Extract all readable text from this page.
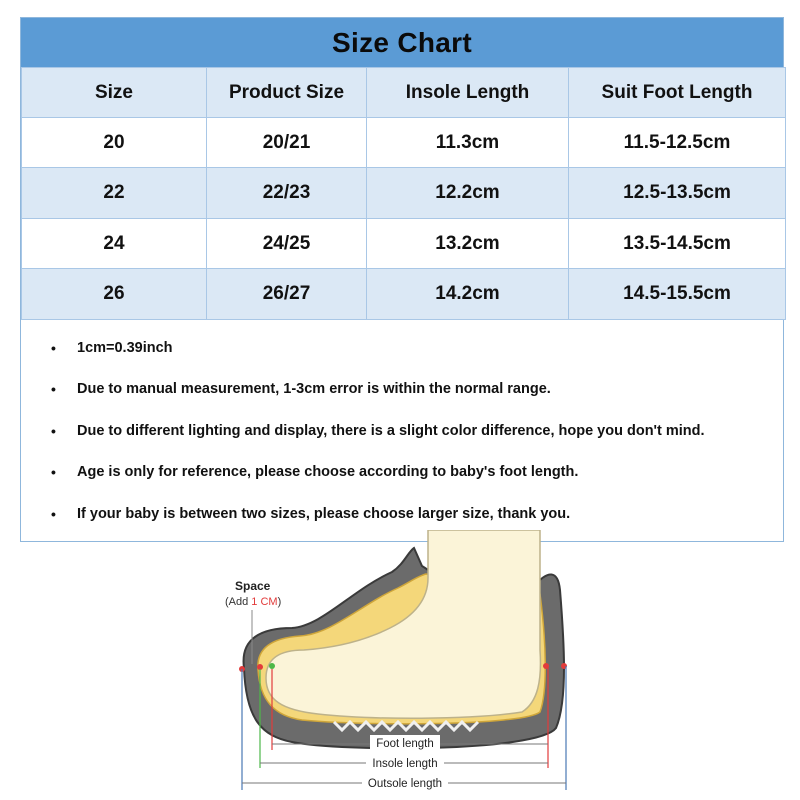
Size Chart
Size	Product Size	Insole Length	Suit Foot Length
20	20/21	11.3cm	11.5-12.5cm
22	22/23	12.2cm	12.5-13.5cm
24	24/25	13.2cm	13.5-14.5cm
26	26/27	14.2cm	14.5-15.5cm
•	1cm=0.39inch
•	Due to manual measurement, 1-3cm error is within the normal range.
•	Due to different lighting and display, there is a slight color difference, hope you don't mind.
•	Age is only for reference, please choose according to baby's foot length.
•	If your baby is between two sizes, please choose larger size, thank you.
Foot length
Insole length
Outsole length
Space
(Add 1 CM)
